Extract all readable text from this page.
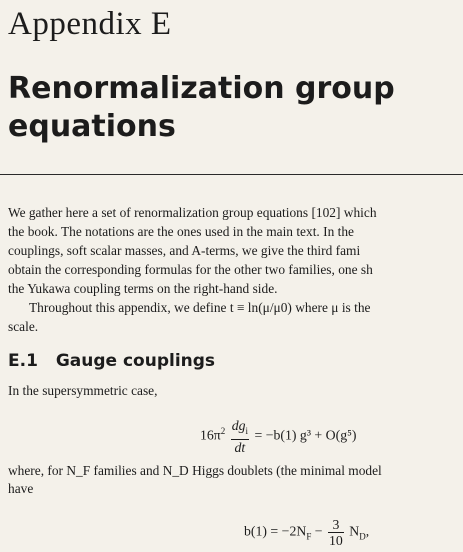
Appendix E
Renormalization group
equations
We gather here a set of renormalization group equations [102] which
the book. The notations are the ones used in the main text. In the
couplings, soft scalar masses, and A-terms, we give the third fami
obtain the corresponding formulas for the other two families, one sh
the Yukawa coupling terms on the right-hand side.
Throughout this appendix, we define t ≡ ln(μ/μ0) where μ is the
scale.
E.1 Gauge couplings
In the supersymmetric case,
$16\pi^2 \frac{dg_i}{dt} = -b(1) g^3 + O(g^5)$
where, for N_F families and N_D Higgs doublets (the minimal model
have
$b(1) = -2N_F - \frac{3}{10} N_D$,
